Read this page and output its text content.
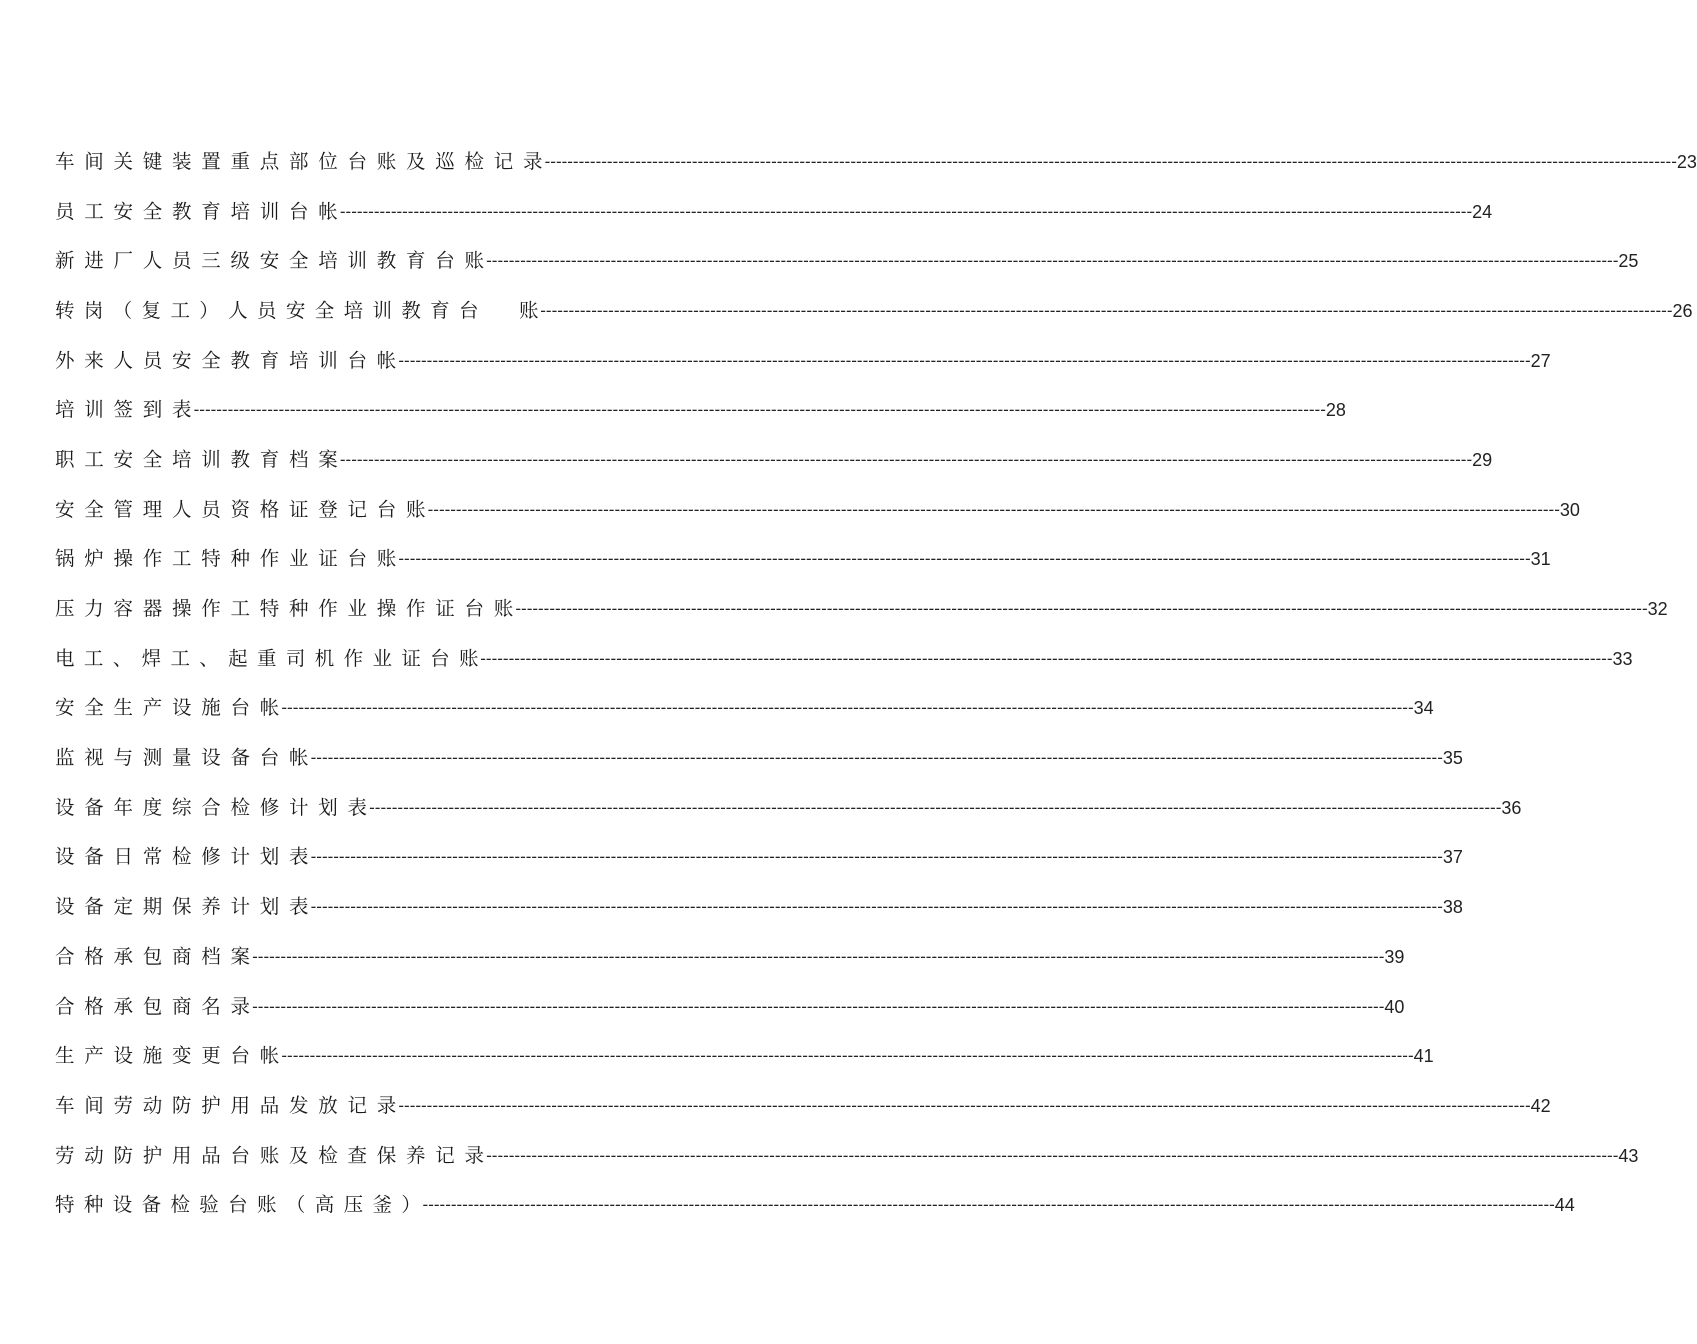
车间关键装置重点部位台账及巡检记录
-------------------------------------------------------------------------------------------------------------------------------------------------------------------------------------------------------- 23
员工安全教育培训台帐
-------------------------------------------------------------------------------------------------------------------------------------------------------------------------------------------------------- 24
新进厂人员三级安全培训教育台账
-------------------------------------------------------------------------------------------------------------------------------------------------------------------------------------------------------- 25
转岗（复工）人员安全培训教育台  账
-------------------------------------------------------------------------------------------------------------------------------------------------------------------------------------------------------- 26
外来人员安全教育培训台帐
-------------------------------------------------------------------------------------------------------------------------------------------------------------------------------------------------------- 27
培训签到表
-------------------------------------------------------------------------------------------------------------------------------------------------------------------------------------------------------- 28
职工安全培训教育档案
-------------------------------------------------------------------------------------------------------------------------------------------------------------------------------------------------------- 29
安全管理人员资格证登记台账
-------------------------------------------------------------------------------------------------------------------------------------------------------------------------------------------------------- 30
锅炉操作工特种作业证台账
-------------------------------------------------------------------------------------------------------------------------------------------------------------------------------------------------------- 31
压力容器操作工特种作业操作证台账
-------------------------------------------------------------------------------------------------------------------------------------------------------------------------------------------------------- 32
电工、焊工、起重司机作业证台账
-------------------------------------------------------------------------------------------------------------------------------------------------------------------------------------------------------- 33
安全生产设施台帐
-------------------------------------------------------------------------------------------------------------------------------------------------------------------------------------------------------- 34
监视与测量设备台帐
-------------------------------------------------------------------------------------------------------------------------------------------------------------------------------------------------------- 35
设备年度综合检修计划表
-------------------------------------------------------------------------------------------------------------------------------------------------------------------------------------------------------- 36
设备日常检修计划表
-------------------------------------------------------------------------------------------------------------------------------------------------------------------------------------------------------- 37
设备定期保养计划表
-------------------------------------------------------------------------------------------------------------------------------------------------------------------------------------------------------- 38
合格承包商档案
-------------------------------------------------------------------------------------------------------------------------------------------------------------------------------------------------------- 39
合格承包商名录
-------------------------------------------------------------------------------------------------------------------------------------------------------------------------------------------------------- 40
生产设施变更台帐
-------------------------------------------------------------------------------------------------------------------------------------------------------------------------------------------------------- 41
车间劳动防护用品发放记录
-------------------------------------------------------------------------------------------------------------------------------------------------------------------------------------------------------- 42
劳动防护用品台账及检查保养记录
-------------------------------------------------------------------------------------------------------------------------------------------------------------------------------------------------------- 43
特种设备检验台账（高压釜）
-------------------------------------------------------------------------------------------------------------------------------------------------------------------------------------------------------- 44
